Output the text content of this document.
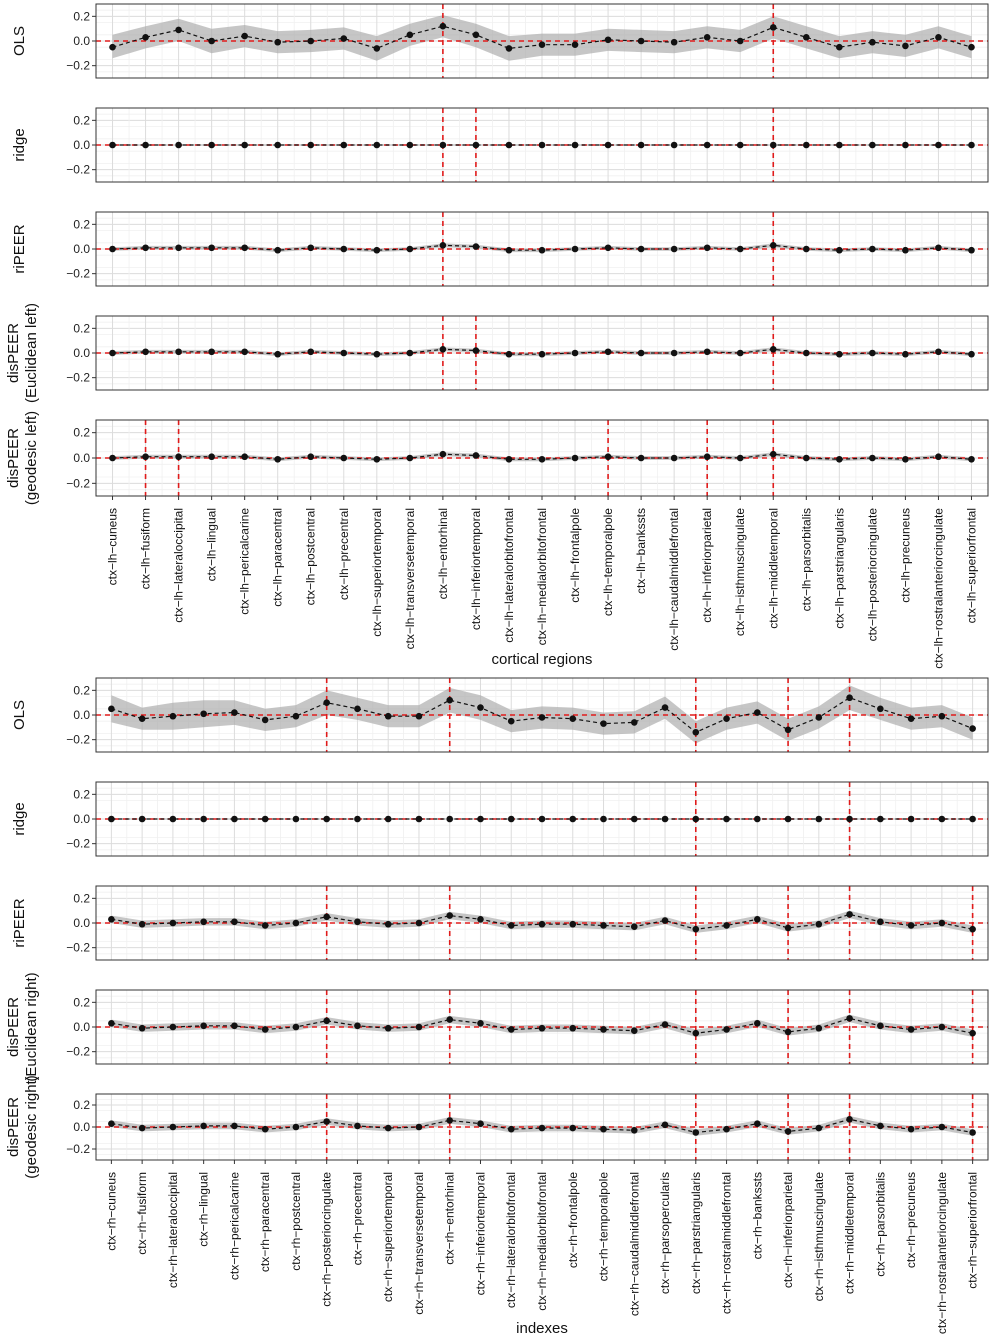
−0.2
0.0
0.2
OLS
−0.2
0.0
0.2
ridge
−0.2
0.0
0.2
riPEER
−0.2
0.0
0.2
disPEER (Euclidean left)
−0.2
0.0
0.2
disPEER (geodesic left)
ctx−lh−cuneus ctx−lh−fusiform ctx−lh−lateraloccipital ctx−lh−lingual ctx−lh−pericalcarine ctx−lh−paracentral ctx−lh−postcentral ctx−lh−precentral ctx−lh−superiortemporal ctx−lh−transversetemporal ctx−lh−entorhinal ctx−lh−inferiortemporal ctx−lh−lateralorbitofrontal ctx−lh−medialorbitofrontal ctx−lh−frontalpole ctx−lh−temporalpole ctx−lh−bankssts ctx−lh−caudalmiddlefrontal ctx−lh−inferiorparietal ctx−lh−isthmuscingulate ctx−lh−middletemporal ctx−lh−parsorbitalis ctx−lh−parstriangularis ctx−lh−posteriorcingulate ctx−lh−precuneus ctx−lh−rostralanteriorcingulate ctx−lh−superiorfrontal
cortical regions
−0.2
0.0
0.2
OLS
−0.2
0.0
0.2
ridge
−0.2
0.0
0.2
riPEER
−0.2
0.0
0.2
disPEER (Euclidean right)
−0.2
0.0
0.2
disPEER (geodesic right)
ctx−rh−cuneus ctx−rh−fusiform ctx−rh−lateraloccipital ctx−rh−lingual ctx−rh−pericalcarine ctx−rh−paracentral ctx−rh−postcentral ctx−rh−posteriorcingulate ctx−rh−precentral ctx−rh−superiortemporal ctx−rh−transversetemporal ctx−rh−entorhinal ctx−rh−inferiortemporal ctx−rh−lateralorbitofrontal ctx−rh−medialorbitofrontal ctx−rh−frontalpole ctx−rh−temporalpole ctx−rh−caudalmiddlefrontal ctx−rh−parsopercularis ctx−rh−parstriangularis ctx−rh−rostralmiddlefrontal ctx−rh−bankssts ctx−rh−inferiorparietal ctx−rh−isthmuscingulate ctx−rh−middletemporal ctx−rh−parsorbitalis ctx−rh−precuneus ctx−rh−rostralanteriorcingulate ctx−rh−superiorfrontal
indexes
